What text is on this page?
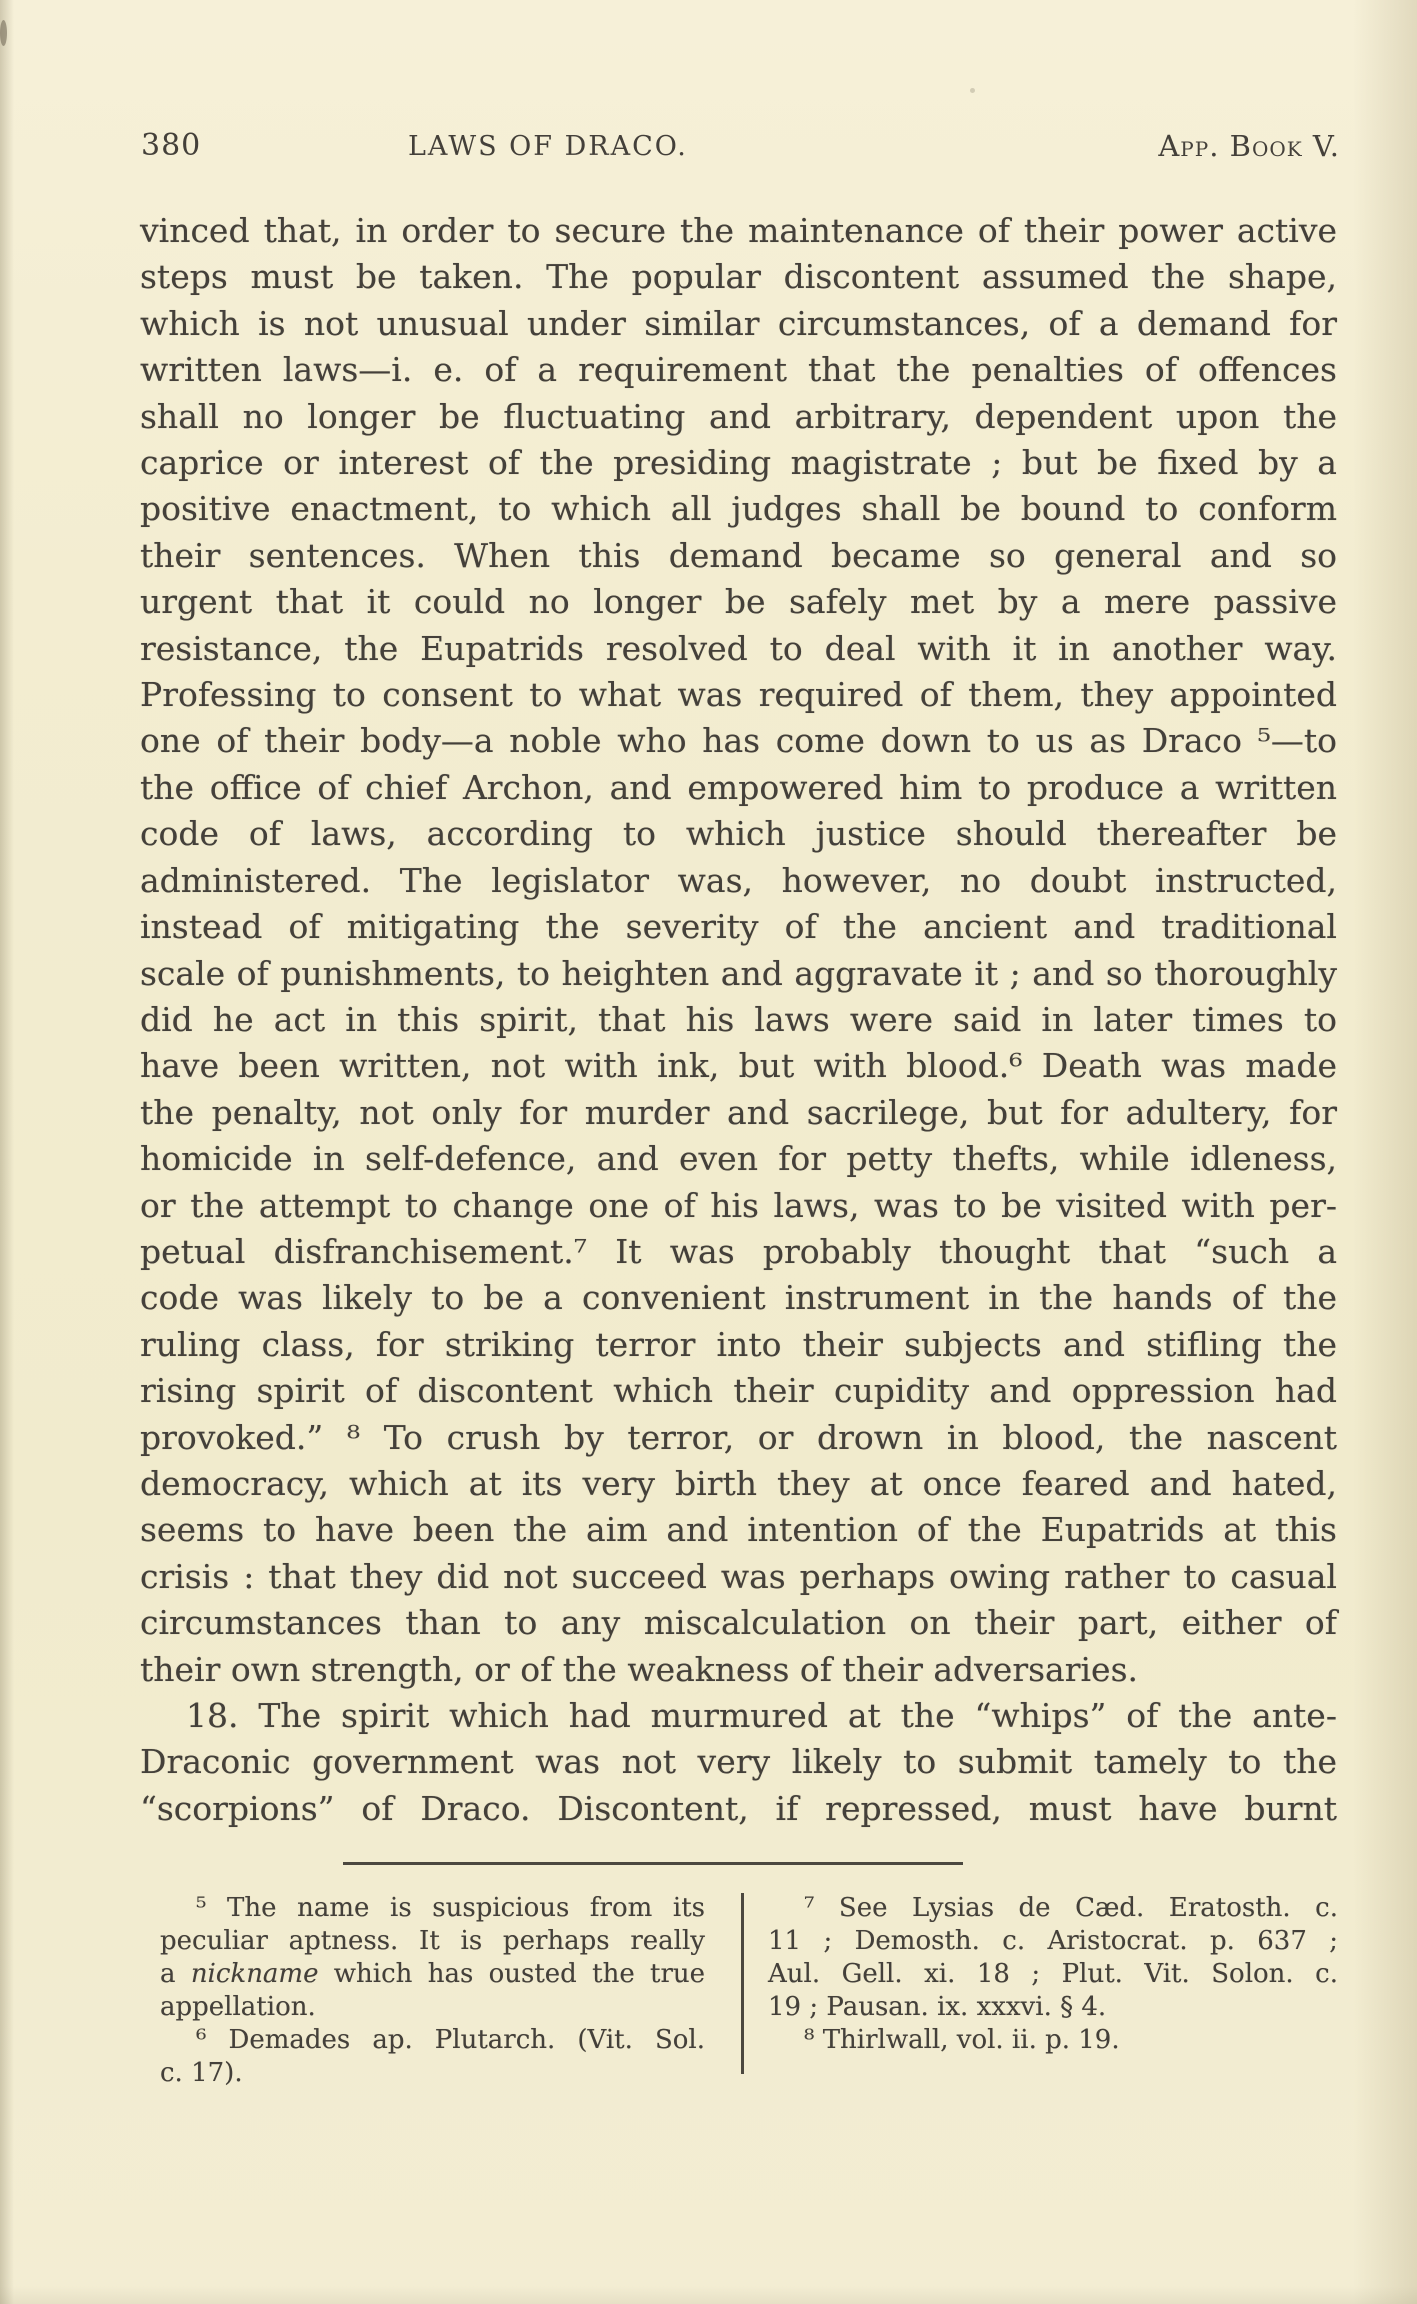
380	LAWS OF DRACO.	App. Book V.
vinced that, in order to secure the maintenance of their power active
steps must be taken. The popular discontent assumed the shape,
which is not unusual under similar circumstances, of a demand for
written laws—i. e. of a requirement that the penalties of offences
shall no longer be fluctuating and arbitrary, dependent upon the
caprice or interest of the presiding magistrate ; but be fixed by a
positive enactment, to which all judges shall be bound to conform
their sentences. When this demand became so general and so
urgent that it could no longer be safely met by a mere passive
resistance, the Eupatrids resolved to deal with it in another way.
Professing to consent to what was required of them, they appointed
one of their body—a noble who has come down to us as Draco ⁵—to
the office of chief Archon, and empowered him to produce a written
code of laws, according to which justice should thereafter be
administered. The legislator was, however, no doubt instructed,
instead of mitigating the severity of the ancient and traditional
scale of punishments, to heighten and aggravate it ; and so thoroughly
did he act in this spirit, that his laws were said in later times to
have been written, not with ink, but with blood.⁶ Death was made
the penalty, not only for murder and sacrilege, but for adultery, for
homicide in self-defence, and even for petty thefts, while idleness,
or the attempt to change one of his laws, was to be visited with per-
petual disfranchisement.⁷ It was probably thought that “such a
code was likely to be a convenient instrument in the hands of the
ruling class, for striking terror into their subjects and stifling the
rising spirit of discontent which their cupidity and oppression had
provoked.” ⁸ To crush by terror, or drown in blood, the nascent
democracy, which at its very birth they at once feared and hated,
seems to have been the aim and intention of the Eupatrids at this
crisis : that they did not succeed was perhaps owing rather to casual
circumstances than to any miscalculation on their part, either of
their own strength, or of the weakness of their adversaries.
18. The spirit which had murmured at the “whips” of the ante-
Draconic government was not very likely to submit tamely to the
“scorpions” of Draco. Discontent, if repressed, must have burnt
⁵ The name is suspicious from its
peculiar aptness. It is perhaps really
a nickname which has ousted the true
appellation.
⁶ Demades ap. Plutarch. (Vit. Sol.
c. 17).
⁷ See Lysias de Cæd. Eratosth. c.
11 ; Demosth. c. Aristocrat. p. 637 ;
Aul. Gell. xi. 18 ; Plut. Vit. Solon. c.
19 ; Pausan. ix. xxxvi. § 4.
⁸ Thirlwall, vol. ii. p. 19.
